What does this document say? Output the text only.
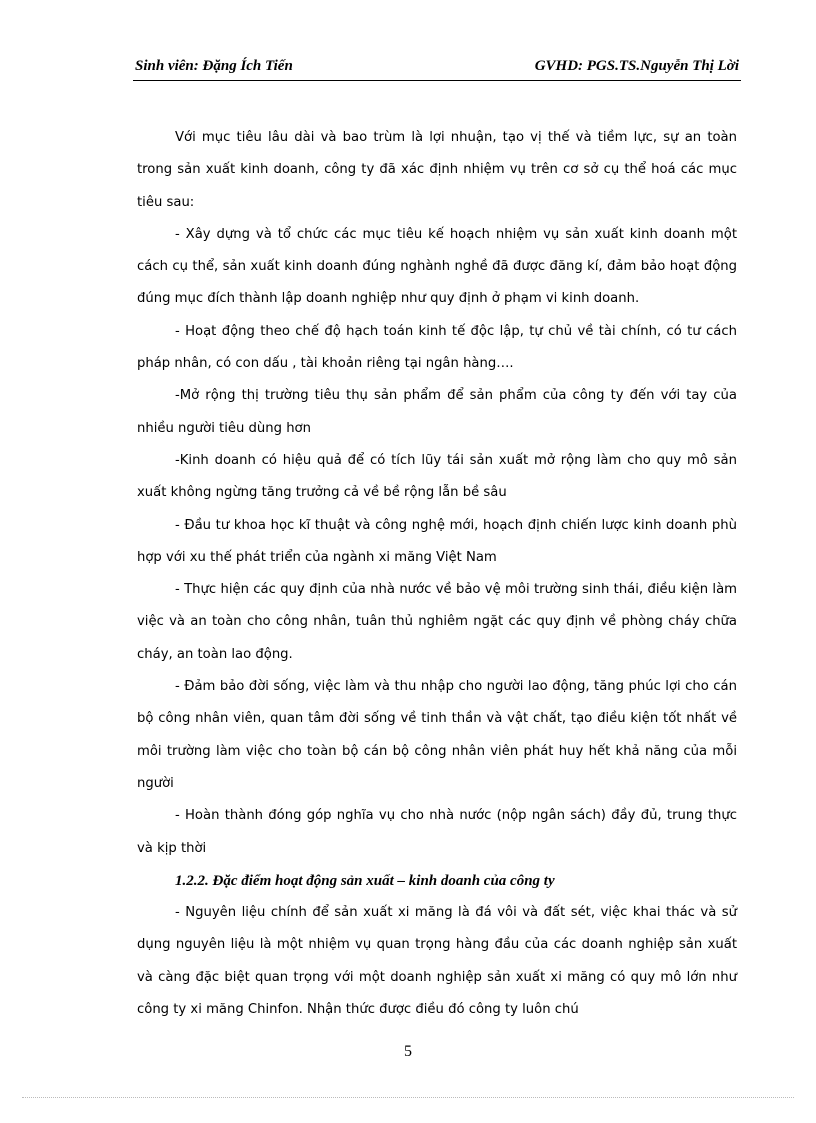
Sinh viên: Đặng Ích Tiến	GVHD: PGS.TS.Nguyễn Thị Lời

Với mục tiêu lâu dài và bao trùm là lợi nhuận, tạo vị thế và tiềm lực, sự an toàn trong sản xuất kinh doanh, công ty đã xác định nhiệm vụ trên cơ sở cụ thể hoá các mục tiêu sau:

- Xây dựng và tổ chức các mục tiêu kế hoạch nhiệm vụ sản xuất kinh doanh một cách cụ thể, sản xuất kinh doanh đúng nghành nghề đã được đăng kí, đảm bảo hoạt động đúng mục đích thành lập doanh nghiệp như quy định ở phạm vi kinh doanh.

- Hoạt động theo chế độ hạch toán kinh tế độc lập, tự chủ về tài chính, có tư cách pháp nhân, có con dấu , tài khoản riêng tại ngân hàng….

-Mở rộng thị trường tiêu thụ sản phẩm để sản phẩm của công ty đến với tay của nhiều người tiêu dùng hơn

-Kinh doanh có hiệu quả để có tích lũy tái sản xuất mở rộng làm cho quy mô sản xuất không ngừng tăng trưởng cả về bề rộng lẫn bề sâu

- Đầu tư khoa học kĩ thuật và công nghệ mới, hoạch định chiến lược kinh doanh phù hợp với xu thế phát triển của ngành xi măng Việt Nam

- Thực hiện các quy định của nhà nước về bảo vệ môi trường sinh thái, điều kiện làm việc và an toàn cho công nhân, tuân thủ nghiêm ngặt các quy định về phòng cháy chữa cháy, an toàn lao động.

- Đảm bảo đời sống, việc làm và thu nhập cho người lao động, tăng phúc lợi cho cán bộ công nhân viên, quan tâm đời sống về tinh thần và vật chất, tạo điều kiện tốt nhất về môi trường làm việc cho toàn bộ cán bộ công nhân viên phát huy hết khả năng của mỗi người

- Hoàn thành đóng góp nghĩa vụ cho nhà nước (nộp ngân sách) đầy đủ, trung thực và kịp thời

1.2.2. Đặc điểm hoạt động sản xuất – kinh doanh của công ty

- Nguyên liệu chính để sản xuất xi măng là đá vôi và đất sét, việc khai thác và sử dụng nguyên liệu là một nhiệm vụ quan trọng hàng đầu của các doanh nghiệp sản xuất và càng đặc biệt quan trọng với một doanh nghiệp sản xuất xi măng có quy mô lớn như công ty xi măng Chinfon. Nhận thức được điều đó công ty luôn chú

5
